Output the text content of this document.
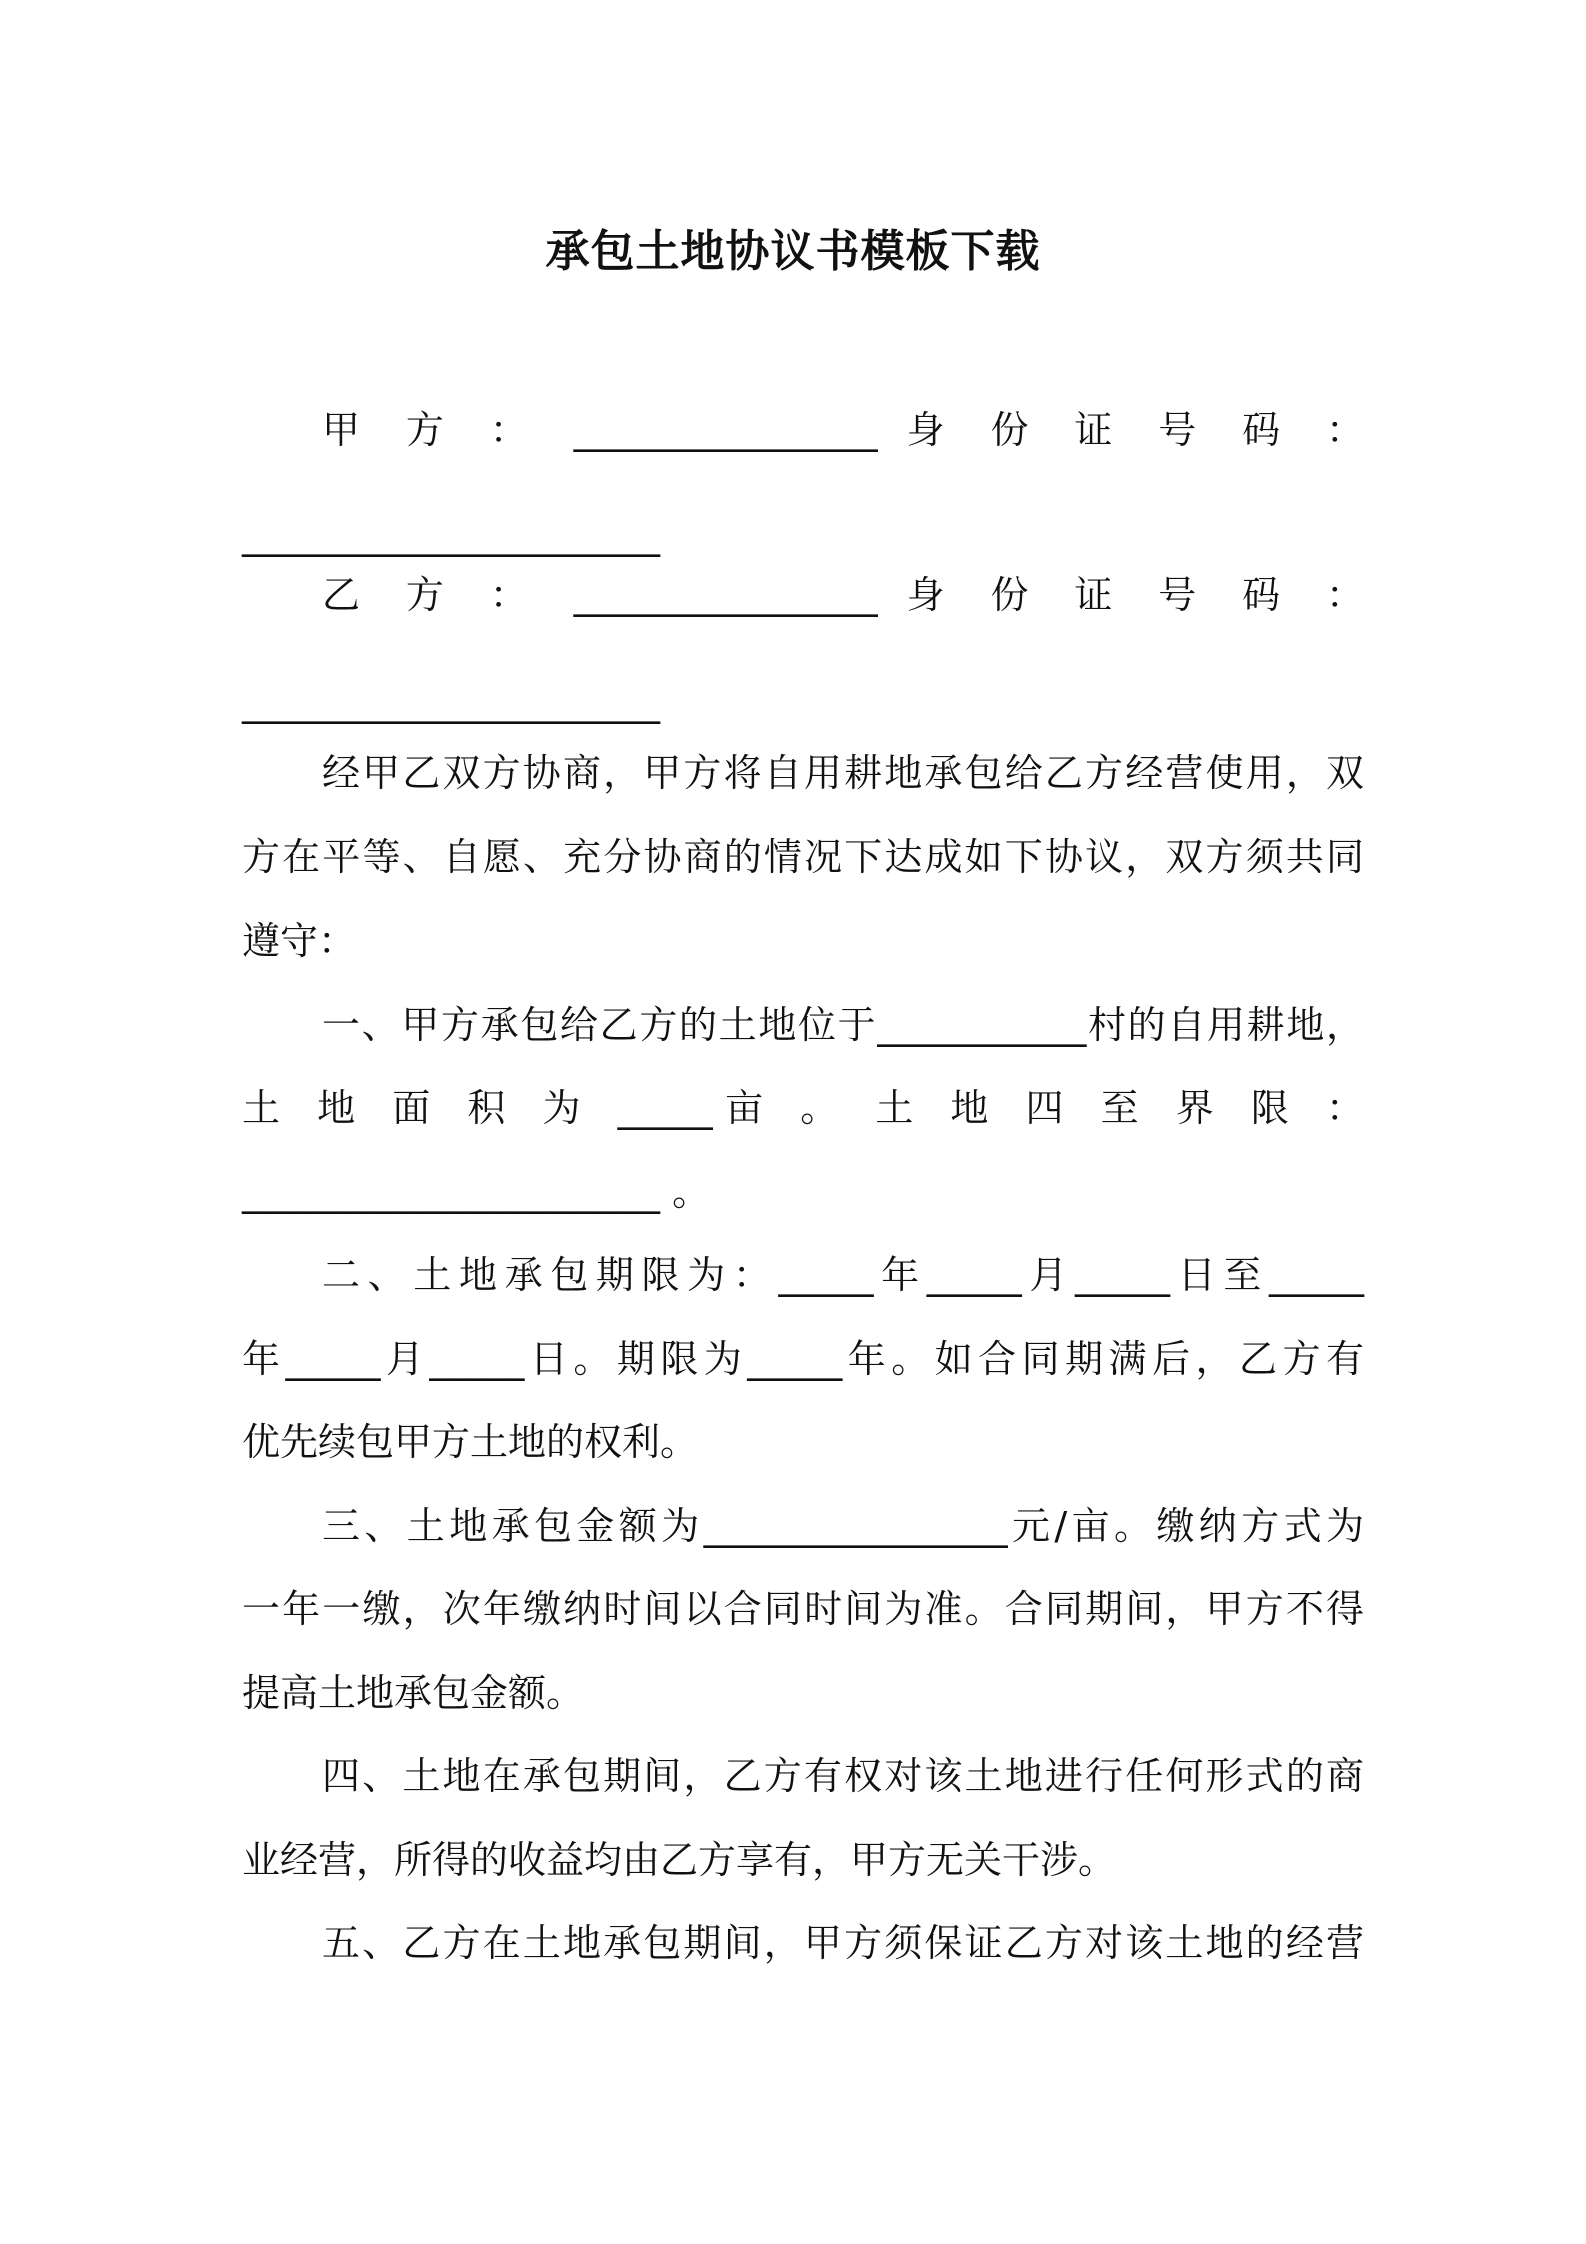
承包土地协议书模板下载

甲 方 ： ________________ 身 份 证 号 码 ：

______________________

乙 方 ： ________________ 身 份 证 号 码 ：

______________________

经甲乙双方协商，甲方将自用耕地承包给乙方经营使用，双

方在平等、自愿、充分协商的情况下达成如下协议，双方须共同

遵守：

一、甲方承包给乙方的土地位于___________村的自用耕地，

土 地 面 积 为 _____亩 。 土 地 四 至 界 限 ：

______________________ 。

二、土地承包期限为：_____年_____月_____日至_____

年_____月_____日。期限为_____年。如合同期满后，乙方有

优先续包甲方土地的权利。

三、土地承包金额为________________元/亩。缴纳方式为

一年一缴，次年缴纳时间以合同时间为准。合同期间，甲方不得

提高土地承包金额。

四、土地在承包期间，乙方有权对该土地进行任何形式的商

业经营，所得的收益均由乙方享有，甲方无关干涉。

五、乙方在土地承包期间，甲方须保证乙方对该土地的经营
